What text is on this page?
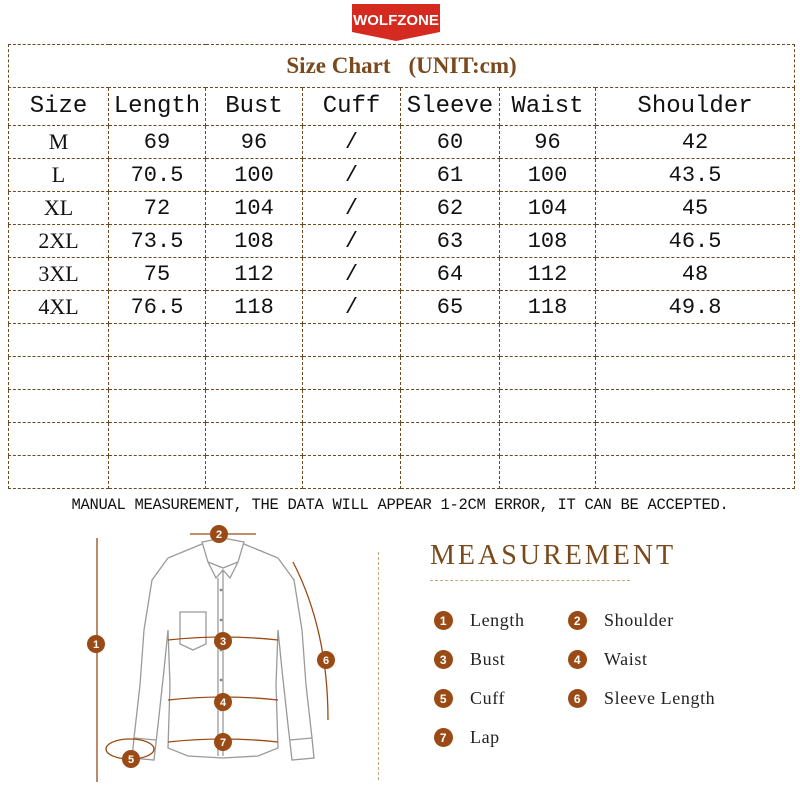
WOLFZONE
Size Chart (UNIT:cm)						
Size	Length	Bust	Cuff	Sleeve	Waist	Shoulder
M	69	96	/	60	96	42
L	70.5	100	/	61	100	43.5
XL	72	104	/	62	104	45
2XL	73.5	108	/	63	108	46.5
3XL	75	112	/	64	112	48
4XL	76.5	118	/	65	118	49.8

MANUAL MEASUREMENT, THE DATA WILL APPEAR 1-2CM ERROR, IT CAN BE ACCEPTED.
1
2
3
4
5
6
7
MEASUREMENT
1	Length	2	Shoulder
3	Bust	4	Waist
5	Cuff	6	Sleeve Length
7	Lap
